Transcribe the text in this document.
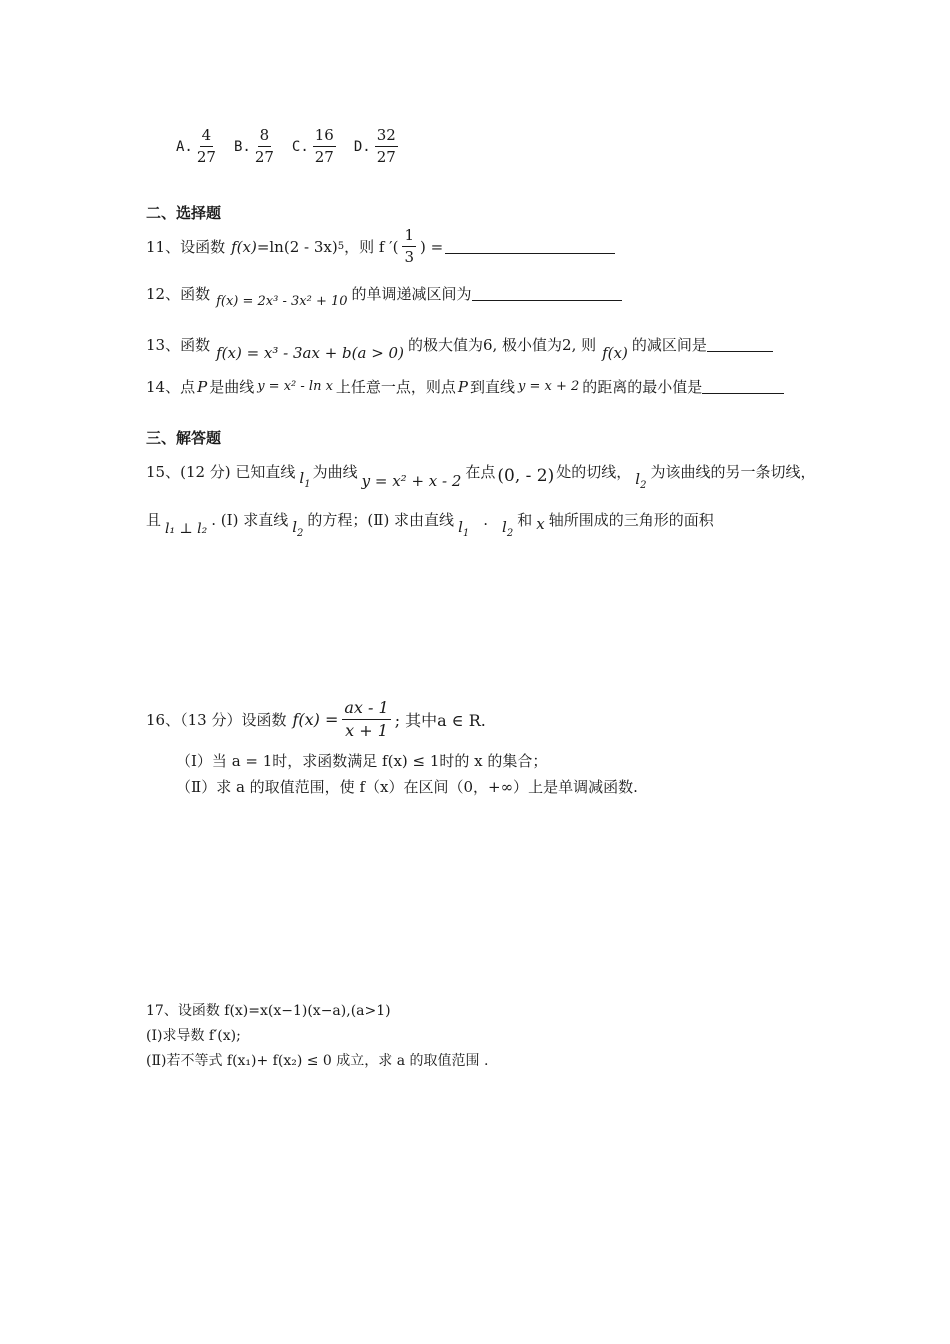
A. $\frac{4}{27} B$. $\frac{8}{27} C$. $\frac{16}{27} D$. $\frac{32}{27}$
二、选择题
11、设函数 f(x) =ln(2 - 3x) 5 ，则 f ′( $\frac{1}{3}$ ) =
12、函数 f(x) = 2x³ - 3x² + 10 的单调递减区间为
13、函数 f(x) = x³ - 3ax + b(a > 0) 的极大值为6, 极小值为2, 则 f(x) 的减区间是
14、点 P 是曲线 y = x² - ln x 上任意一点，则点 P 到直线 y = x + 2 的距离的最小值是
三、解答题
15、(12 分) 已知直线 $l_1$
为曲线 y = x² + x - 2 在点 (0, - 2) 处的切线， $l_2$
为该曲线的另一条切线，
且 l₁ ⊥ l₂ . (Ⅰ) 求直线 $l_2$
的方程；(Ⅱ) 求由直线 $l_1$
. $l_2$
和 x 轴所围成的三角形的面积
16、（13 分）设函数 $f(x) = \frac{ax - 1}{x + 1}$ ; 其中a ∈ R.
（Ⅰ）当 a = 1时，求函数满足 f(x) ≤ 1时的 x 的集合；
（Ⅱ）求 a 的取值范围，使 f（x）在区间（0，+∞）上是单调减函数.
17、设函数 f(x)=x(x−1)(x−a),(a>1)
(Ⅰ)求导数 f′(x);
(Ⅱ)若不等式 f(x₁)+ f(x₂) ≤ 0 成立，求 a 的取值范围 .
